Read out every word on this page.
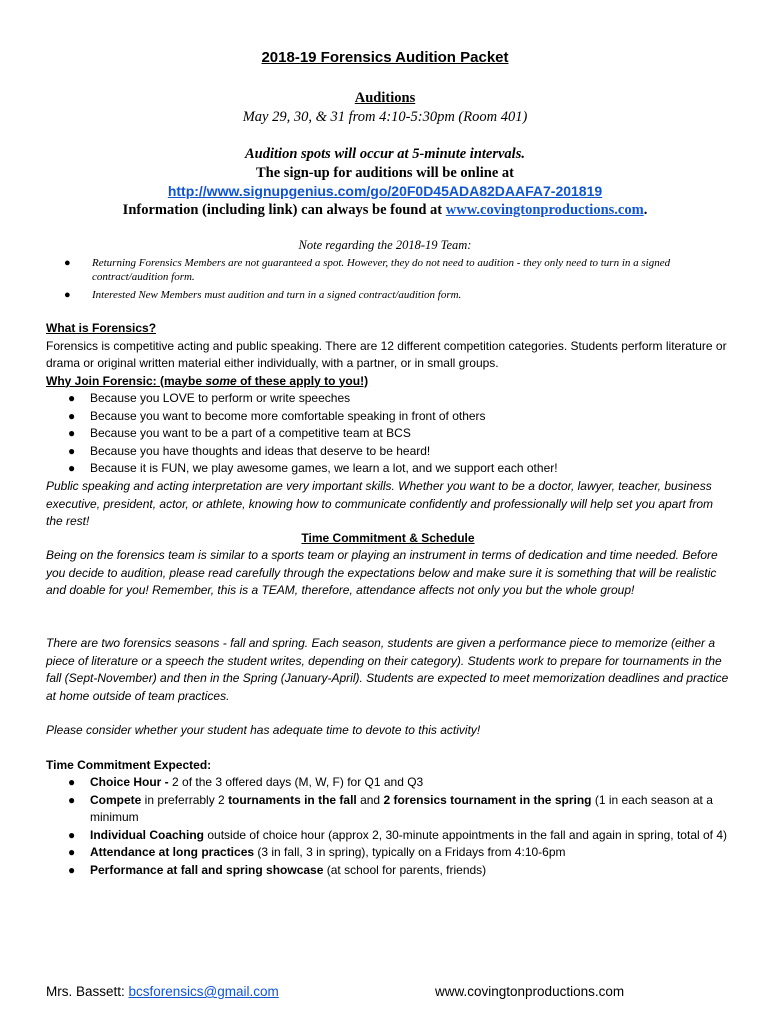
2018-19 Forensics Audition Packet
Auditions
May 29, 30, & 31 from 4:10-5:30pm (Room 401)
Audition spots will occur at 5-minute intervals.
The sign-up for auditions will be online at
http://www.signupgenius.com/go/20F0D45ADA82DAAFA7-201819
Information (including link) can always be found at www.covingtonproductions.com.
Note regarding the 2018-19 Team:
● Returning Forensics Members are not guaranteed a spot. However, they do not need to audition - they only need to turn in a signed contract/audition form.
● Interested New Members must audition and turn in a signed contract/audition form.
What is Forensics?
Forensics is competitive acting and public speaking. There are 12 different competition categories. Students perform literature or drama or original written material either individually, with a partner, or in small groups.
Why Join Forensic: (maybe some of these apply to you!)
● Because you LOVE to perform or write speeches
● Because you want to become more comfortable speaking in front of others
● Because you want to be a part of a competitive team at BCS
● Because you have thoughts and ideas that deserve to be heard!
● Because it is FUN, we play awesome games, we learn a lot, and we support each other!
Public speaking and acting interpretation are very important skills. Whether you want to be a doctor, lawyer, teacher, business executive, president, actor, or athlete, knowing how to communicate confidently and professionally will help set you apart from the rest!
Time Commitment & Schedule
Being on the forensics team is similar to a sports team or playing an instrument in terms of dedication and time needed. Before you decide to audition, please read carefully through the expectations below and make sure it is something that will be realistic and doable for you! Remember, this is a TEAM, therefore, attendance affects not only you but the whole group!
There are two forensics seasons - fall and spring. Each season, students are given a performance piece to memorize (either a piece of literature or a speech the student writes, depending on their category). Students work to prepare for tournaments in the fall (Sept-November) and then in the Spring (January-April). Students are expected to meet memorization deadlines and practice at home outside of team practices.
Please consider whether your student has adequate time to devote to this activity!
Time Commitment Expected:
● Choice Hour - 2 of the 3 offered days (M, W, F) for Q1 and Q3
● Compete in preferrably 2 tournaments in the fall and 2 forensics tournament in the spring (1 in each season at a minimum
● Individual Coaching outside of choice hour (approx 2, 30-minute appointments in the fall and again in spring, total of 4)
● Attendance at long practices (3 in fall, 3 in spring), typically on a Fridays from 4:10-6pm
● Performance at fall and spring showcase (at school for parents, friends)
Mrs. Bassett: bcsforensics@gmail.com	www.covingtonproductions.com
